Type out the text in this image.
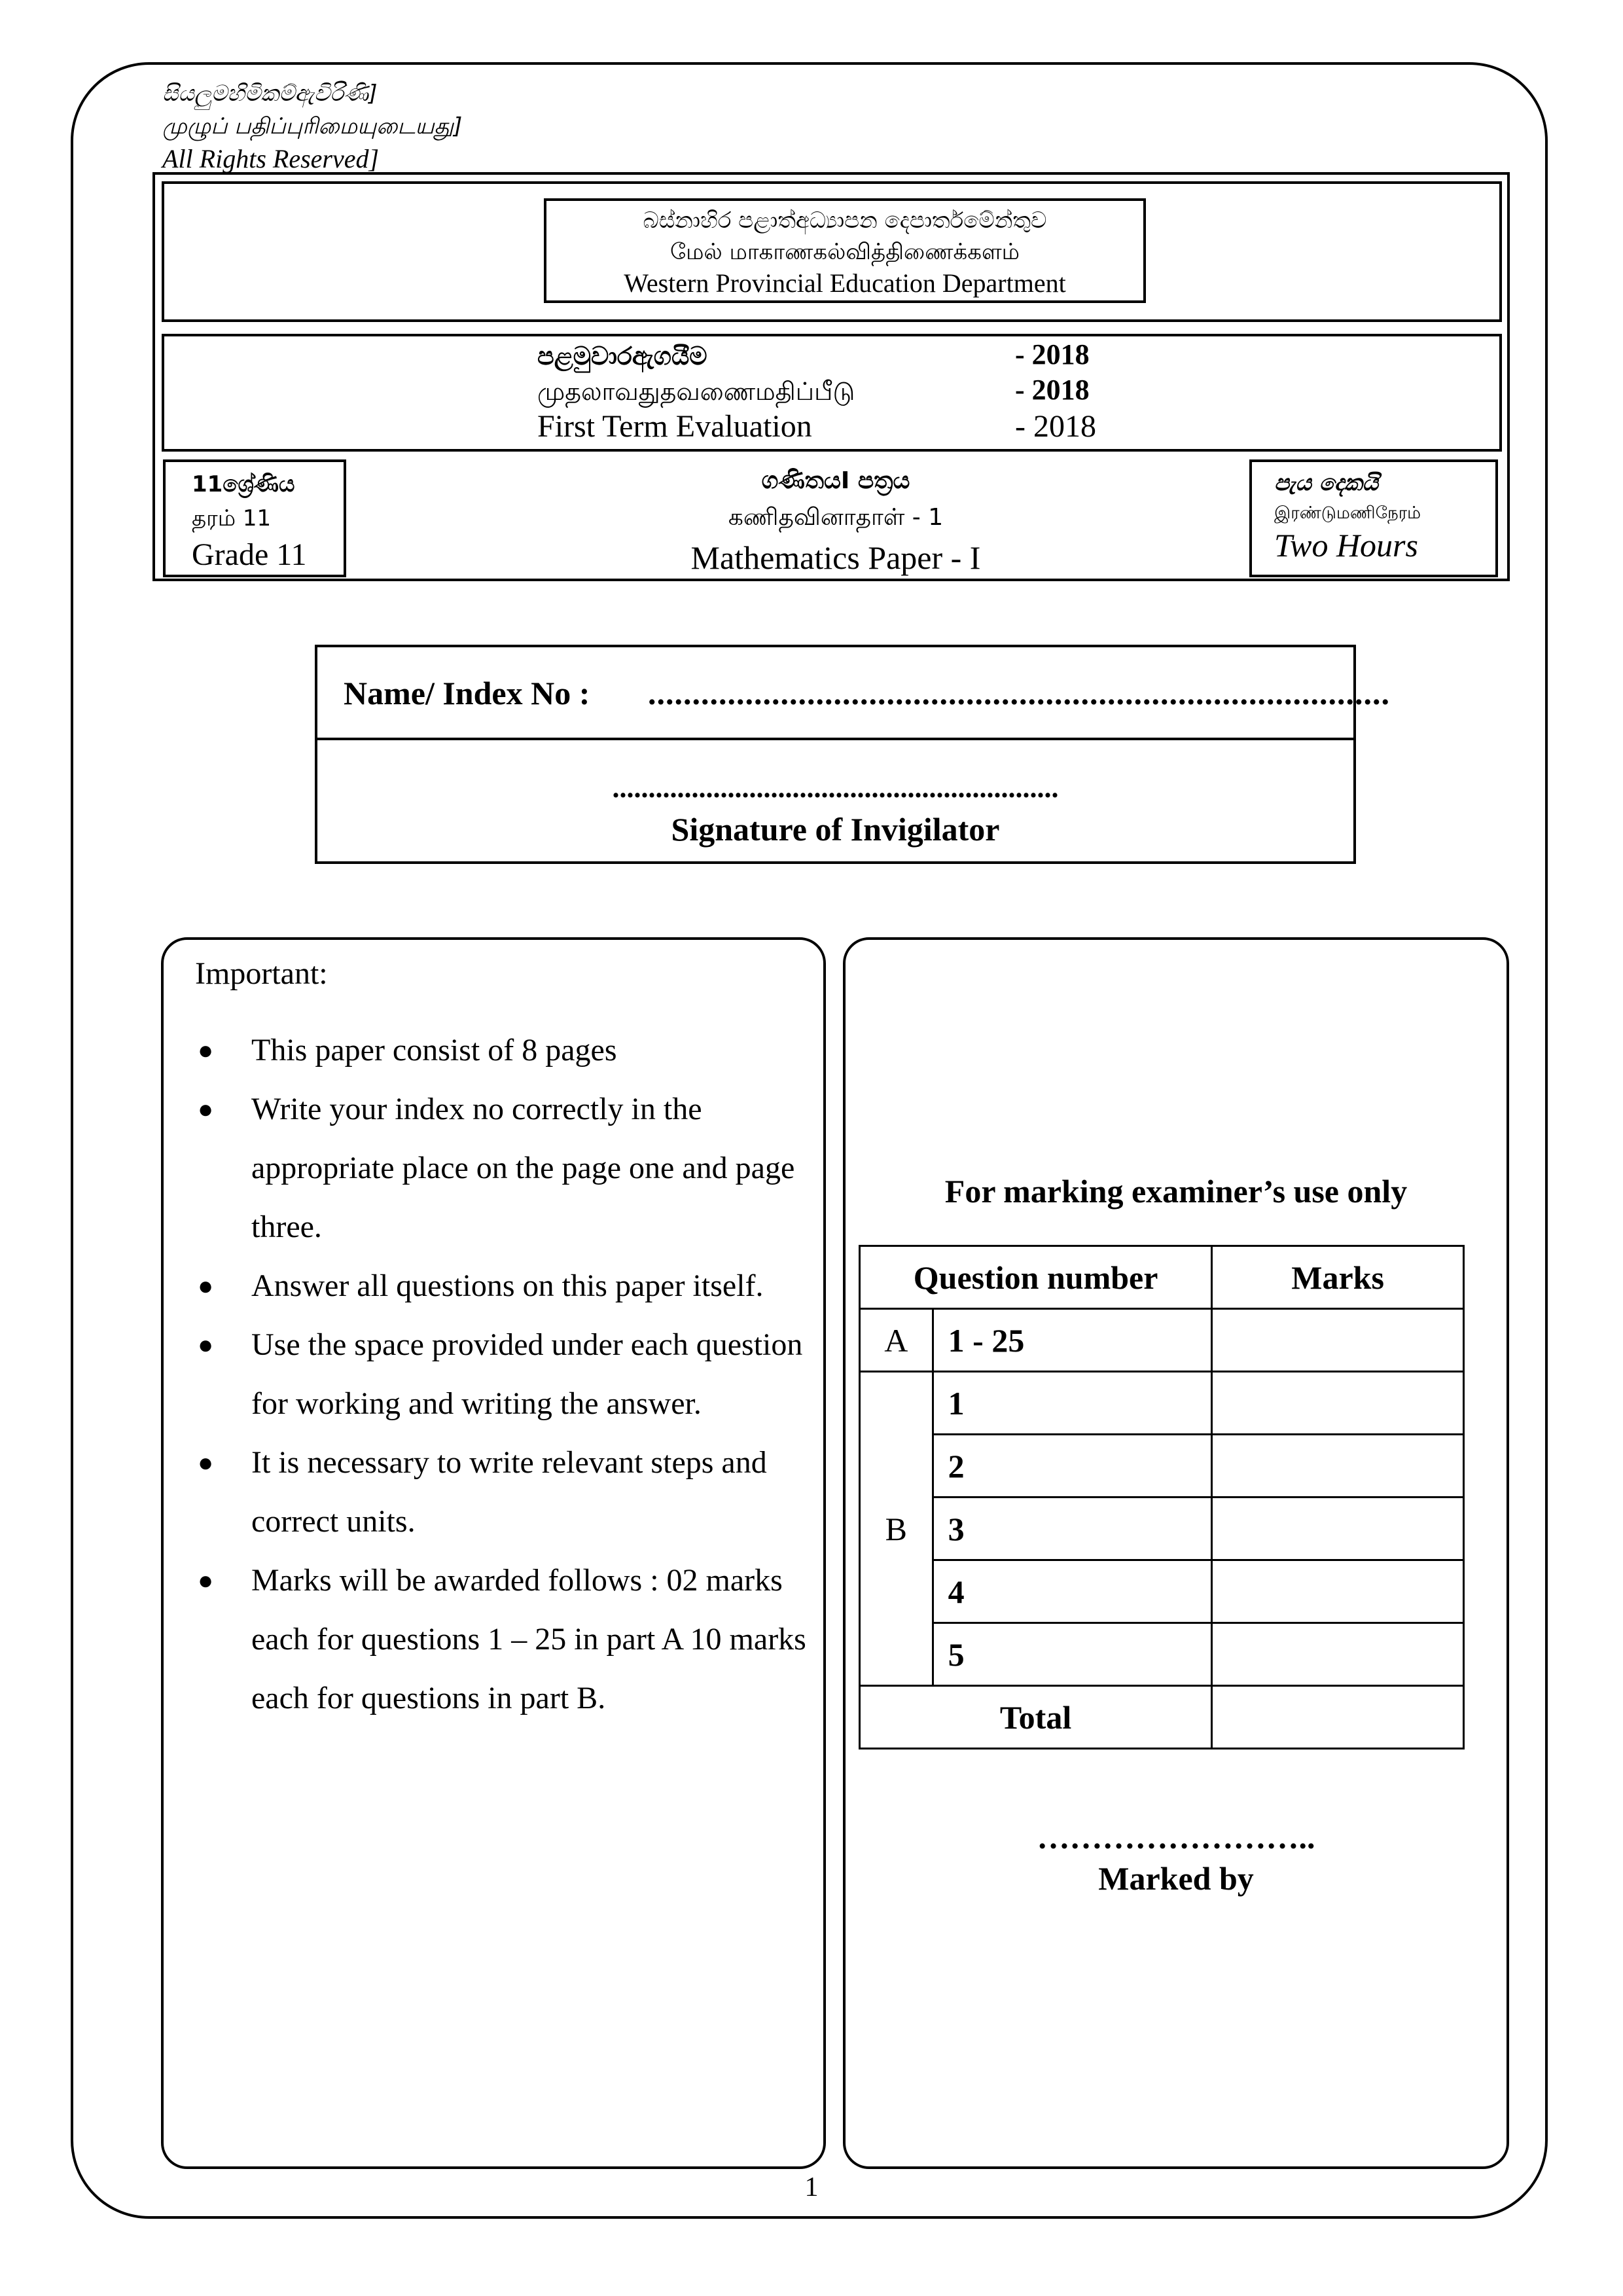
සියලුමහිමිකම්ඇවිරිණි]
முழுப் பதிப்புரிமையுடையது]
All Rights Reserved]
බස්නාහිර පළාත්අධ්‍යාපන දෙපාර්තමේන්තුව
மேல் மாகாணகல்வித்திணைக்களம்
Western Provincial Education Department
පළමුවාරඇගයීම	- 2018
முதலாவதுதவணைமதிப்பீடு	- 2018
First Term Evaluation	- 2018
11ශ්‍රේණිය
தரம் 11
Grade 11
ගණිතයI පත්‍රය
கணிதவினாதாள் - 1
Mathematics Paper - I
පැය දෙකයි
இரண்டுமணிநேரம்
Two Hours
Name/ Index No : ....................................................................................
Signature of Invigilator
..............................................................
Important:
● This paper consist of 8 pages
● Write your index no correctly in the appropriate place on the page one and page three.
● Answer all questions on this paper itself.
● Use the space provided under each question for working and writing the answer.
● It is necessary to write relevant steps and correct units.
● Marks will be awarded follows : 02 marks each for questions 1 – 25 in part A 10 marks each for questions in part B.
For marking examiner’s use only
Question number		Marks
A	1 - 25	
B	1	
	2	
	3	
	4	
	5	
Total		
……………………..
Marked by
1
